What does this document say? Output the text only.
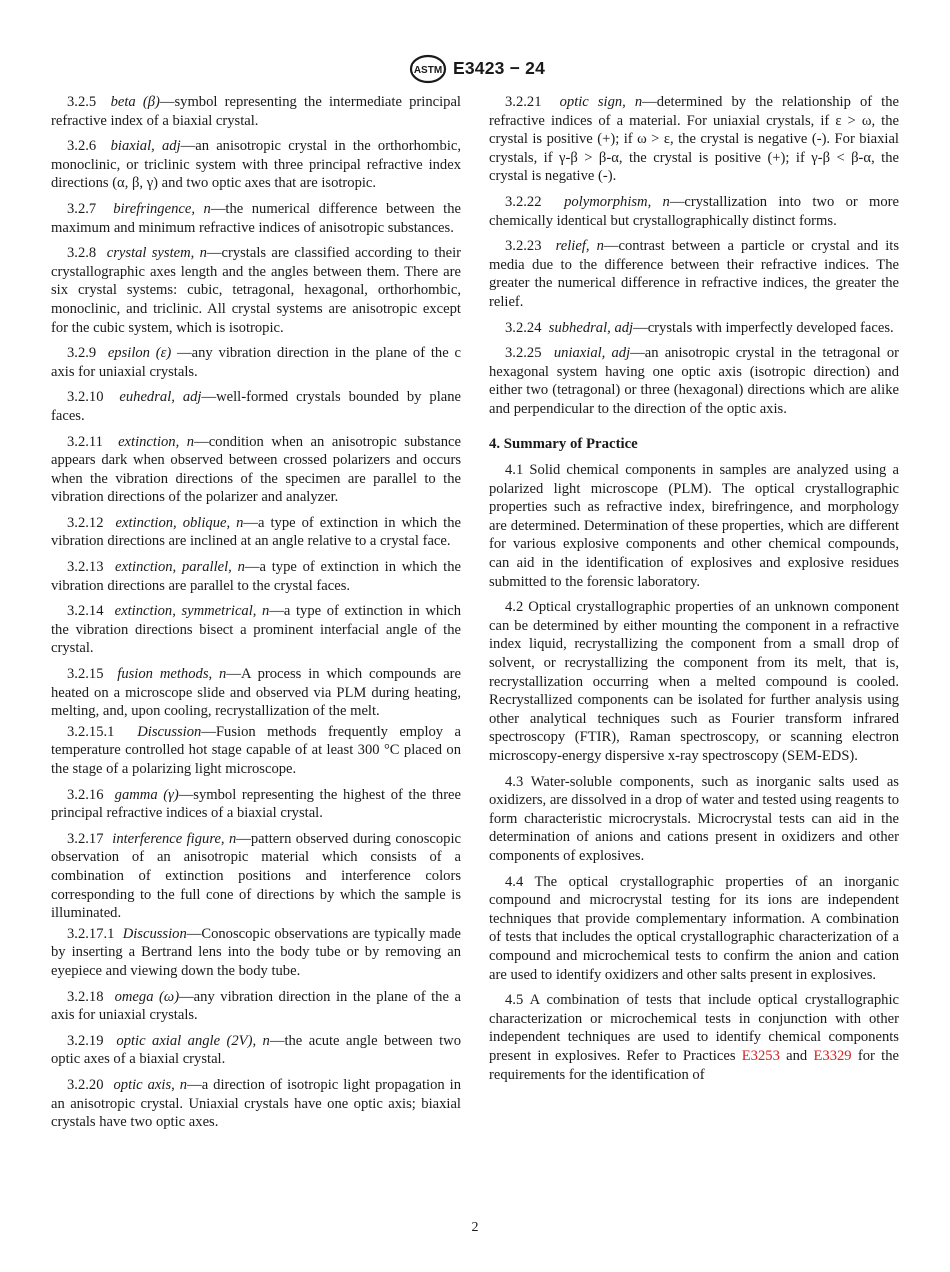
ASTM E3423 − 24

3.2.5 beta (β)—symbol representing the intermediate principal refractive index of a biaxial crystal.

3.2.6 biaxial, adj—an anisotropic crystal in the orthorhombic, monoclinic, or triclinic system with three principal refractive index directions (α, β, γ) and two optic axes that are isotropic.

3.2.7 birefringence, n—the numerical difference between the maximum and minimum refractive indices of anisotropic substances.

3.2.8 crystal system, n—crystals are classified according to their crystallographic axes length and the angles between them. There are six crystal systems: cubic, tetragonal, hexagonal, orthorhombic, monoclinic, and triclinic. All crystal systems are anisotropic except for the cubic system, which is isotropic.

3.2.9 epsilon (ε) —any vibration direction in the plane of the c axis for uniaxial crystals.

3.2.10 euhedral, adj—well-formed crystals bounded by plane faces.

3.2.11 extinction, n—condition when an anisotropic substance appears dark when observed between crossed polarizers and occurs when the vibration directions of the specimen are parallel to the vibration directions of the polarizer and analyzer.

3.2.12 extinction, oblique, n—a type of extinction in which the vibration directions are inclined at an angle relative to a crystal face.

3.2.13 extinction, parallel, n—a type of extinction in which the vibration directions are parallel to the crystal faces.

3.2.14 extinction, symmetrical, n—a type of extinction in which the vibration directions bisect a prominent interfacial angle of the crystal.

3.2.15 fusion methods, n—A process in which compounds are heated on a microscope slide and observed via PLM during heating, melting, and, upon cooling, recrystallization of the melt.

3.2.15.1 Discussion—Fusion methods frequently employ a temperature controlled hot stage capable of at least 300 °C placed on the stage of a polarizing light microscope.

3.2.16 gamma (γ)—symbol representing the highest of the three principal refractive indices of a biaxial crystal.

3.2.17 interference figure, n—pattern observed during conoscopic observation of an anisotropic material which consists of a combination of extinction positions and interference colors corresponding to the full cone of directions by which the sample is illuminated.

3.2.17.1 Discussion—Conoscopic observations are typically made by inserting a Bertrand lens into the body tube or by removing an eyepiece and viewing down the body tube.

3.2.18 omega (ω)—any vibration direction in the plane of the a axis for uniaxial crystals.

3.2.19 optic axial angle (2V), n—the acute angle between two optic axes of a biaxial crystal.

3.2.20 optic axis, n—a direction of isotropic light propagation in an anisotropic crystal. Uniaxial crystals have one optic axis; biaxial crystals have two optic axes.

3.2.21 optic sign, n—determined by the relationship of the refractive indices of a material. For uniaxial crystals, if ε > ω, the crystal is positive (+); if ω > ε, the crystal is negative (-). For biaxial crystals, if γ-β > β-α, the crystal is positive (+); if γ-β < β-α, the crystal is negative (-).

3.2.22 polymorphism, n—crystallization into two or more chemically identical but crystallographically distinct forms.

3.2.23 relief, n—contrast between a particle or crystal and its media due to the difference between their refractive indices. The greater the numerical difference in refractive indices, the greater the relief.

3.2.24 subhedral, adj—crystals with imperfectly developed faces.

3.2.25 uniaxial, adj—an anisotropic crystal in the tetragonal or hexagonal system having one optic axis (isotropic direction) and either two (tetragonal) or three (hexagonal) directions which are alike and perpendicular to the direction of the optic axis.

4. Summary of Practice

4.1 Solid chemical components in samples are analyzed using a polarized light microscope (PLM). The optical crystallographic properties such as refractive index, birefringence, and morphology are determined. Determination of these properties, which are different for various explosive components and other chemical compounds, can aid in the identification of explosives and explosive residues submitted to the forensic laboratory.

4.2 Optical crystallographic properties of an unknown component can be determined by either mounting the component in a refractive index liquid, recrystallizing the component from a small drop of solvent, or recrystallizing the component from its melt, that is, recrystallization occurring when a melted compound is cooled. Recrystallized components can be isolated for further analysis using other analytical techniques such as Fourier transform infrared spectroscopy (FTIR), Raman spectroscopy, or scanning electron microscopy-energy dispersive x-ray spectroscopy (SEM-EDS).

4.3 Water-soluble components, such as inorganic salts used as oxidizers, are dissolved in a drop of water and tested using reagents to form characteristic microcrystals. Microcrystal tests can aid in the determination of anions and cations present in oxidizers and other components of explosives.

4.4 The optical crystallographic properties of an inorganic compound and microcrystal testing for its ions are independent techniques that provide complementary information. A combination of tests that includes the optical crystallographic characterization of a compound and microchemical tests to confirm the anion and cation are used to identify oxidizers and other salts present in explosives.

4.5 A combination of tests that include optical crystallographic characterization or microchemical tests in conjunction with other independent techniques are used to identify chemical components present in explosives. Refer to Practices E3253 and E3329 for the requirements for the identification of

2
